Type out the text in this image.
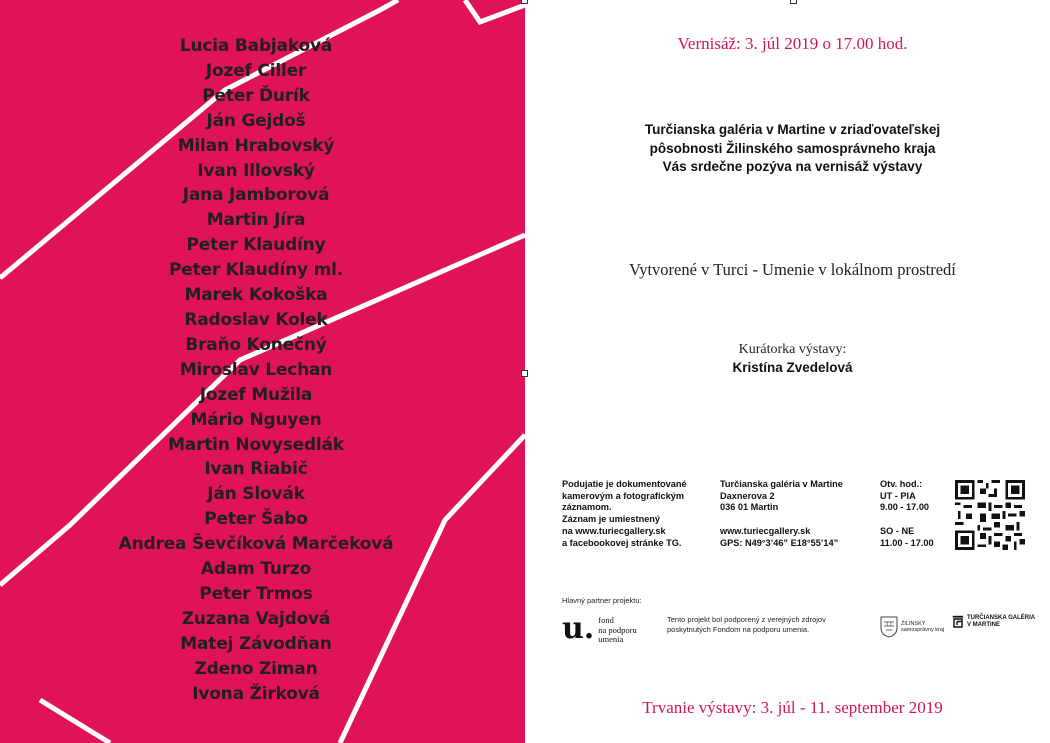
Lucia Babjaková
Jozef Ciller
Peter Ďurík
Ján Gejdoš
Milan Hrabovský
Ivan Illovský
Jana Jamborová
Martin Jíra
Peter Klaudíny
Peter Klaudíny ml.
Marek Kokoška
Radoslav Kolek
Braňo Konečný
Miroslav Lechan
Jozef Mužila
Mário Nguyen
Martin Novysedlák
Ivan Riabič
Ján Slovák
Peter Šabo
Andrea Ševčíková Marčeková
Adam Turzo
Peter Trmos
Zuzana Vajdová
Matej Závodňan
Zdeno Ziman
Ivona Žirková
Vernisáž: 3. júl 2019 o 17.00 hod.
Turčianska galéria v Martine v zriaďovateľskej
pôsobnosti Žilinského samosprávneho kraja
Vás srdečne pozýva na vernisáž výstavy
Vytvorené v Turci - Umenie v lokálnom prostredí
Kurátorka výstavy:
Kristína Zvedelová
Podujatie je dokumentované
kamerovým a fotografickým
záznamom.
Záznam je umiestnený
na www.turiecgallery.sk
a facebookovej stránke TG.
Turčianska galéria v Martine
Daxnerova 2
036 01 Martin

www.turiecgallery.sk
GPS: N49°3’46” E18°55’14”
Otv. hod.:
UT - PIA
9.00 - 17.00

SO - NE
11.00 - 17.00
Hlavný partner projektu:
u. fond
na podporu
umenia
Tento projekt bol podporený z verejných zdrojov poskytnutých Fondom na podporu umenia.
ŽILINSKÝ
samosprávny kraj
TURČIANSKA GALÉRIA
V MARTINE
Trvanie výstavy: 3. júl - 11. september 2019
